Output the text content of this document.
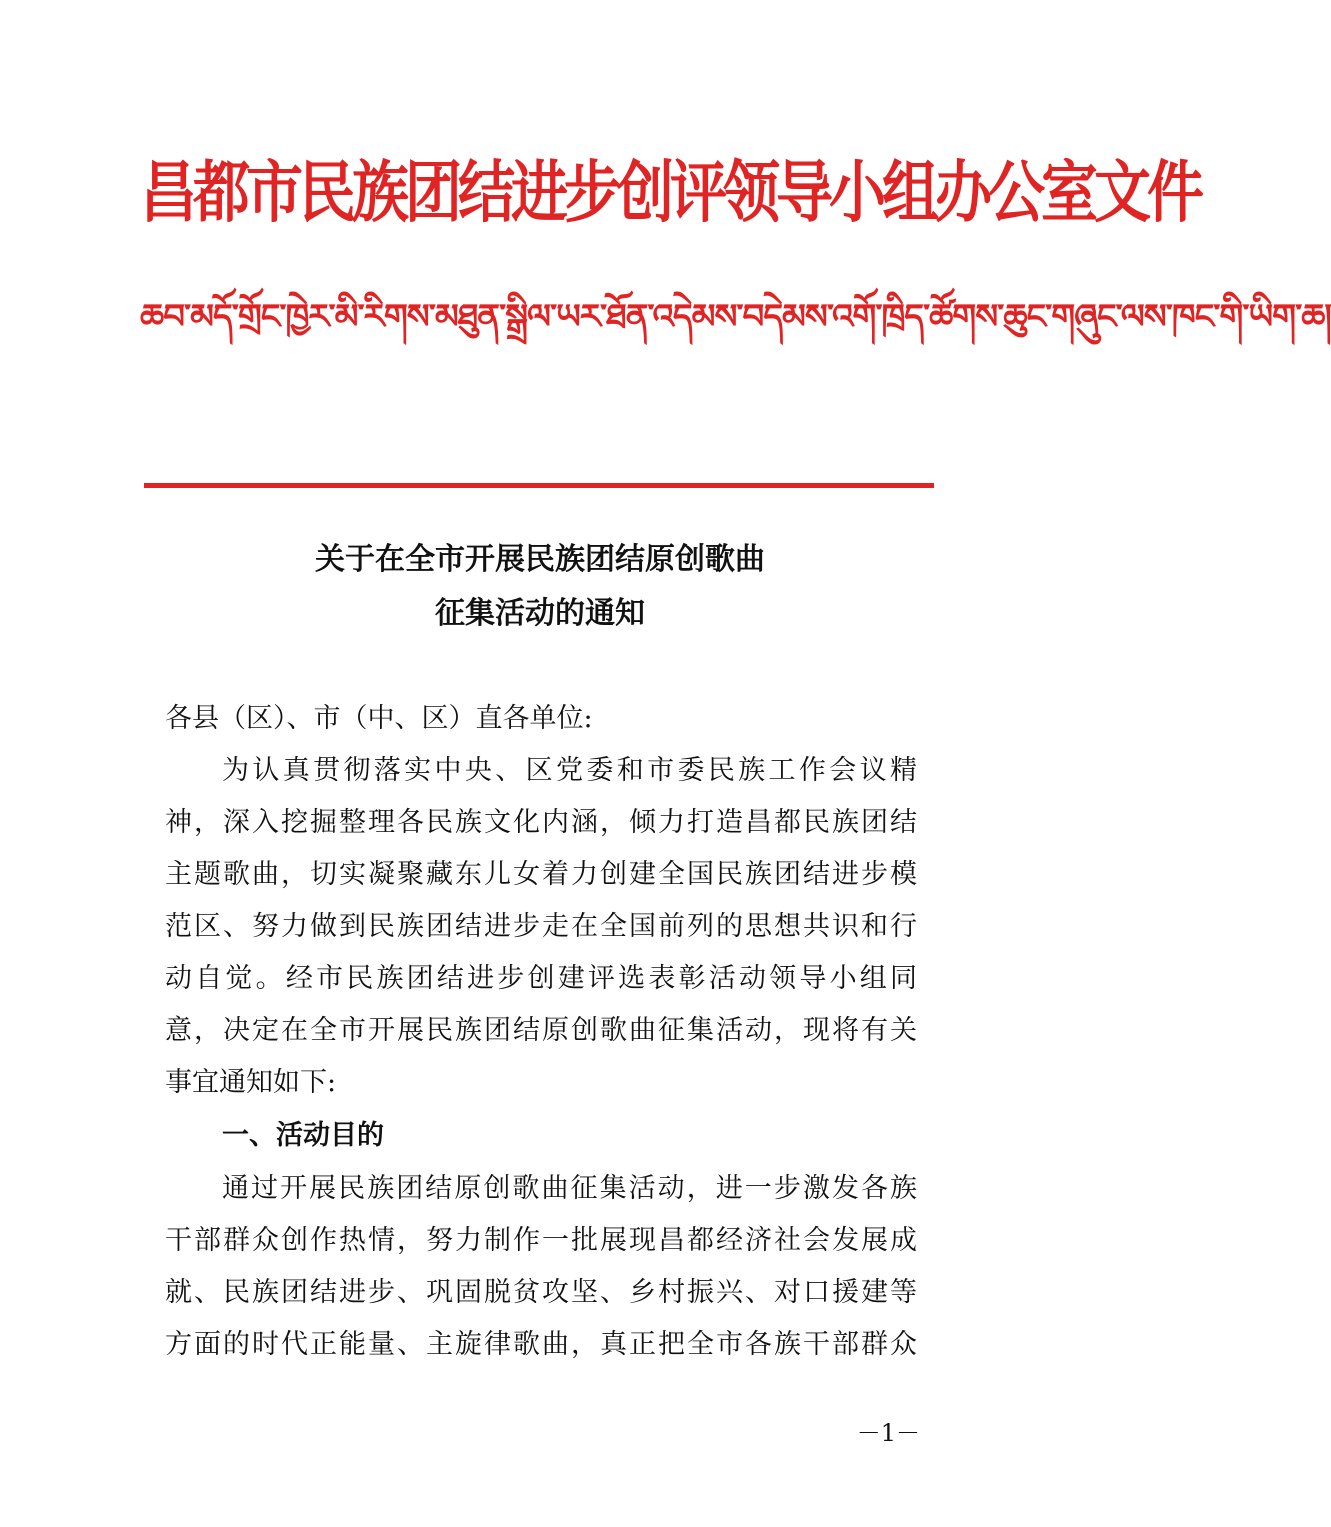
昌都市民族团结进步创评领导小组办公室文件
ཆབ་མདོ་གྲོང་ཁྱེར་མི་རིགས་མཐུན་སྒྲིལ་ཡར་ཐོན་འདེམས་བདེམས་འགོ་ཁྲིད་ཚོགས་ཆུང་གཞུང་ལས་ཁང་གི་ཡིག་ཆ།
关于在全市开展民族团结原创歌曲
征集活动的通知
各县（区）、市（中、区）直各单位:
为认真贯彻落实中央、区党委和市委民族工作会议精
神，深入挖掘整理各民族文化内涵，倾力打造昌都民族团结
主题歌曲，切实凝聚藏东儿女着力创建全国民族团结进步模
范区、努力做到民族团结进步走在全国前列的思想共识和行
动自觉。经市民族团结进步创建评选表彰活动领导小组同
意，决定在全市开展民族团结原创歌曲征集活动，现将有关
事宜通知如下:
一、活动目的
通过开展民族团结原创歌曲征集活动，进一步激发各族
干部群众创作热情，努力制作一批展现昌都经济社会发展成
就、民族团结进步、巩固脱贫攻坚、乡村振兴、对口援建等
方面的时代正能量、主旋律歌曲，真正把全市各族干部群众
－1－
